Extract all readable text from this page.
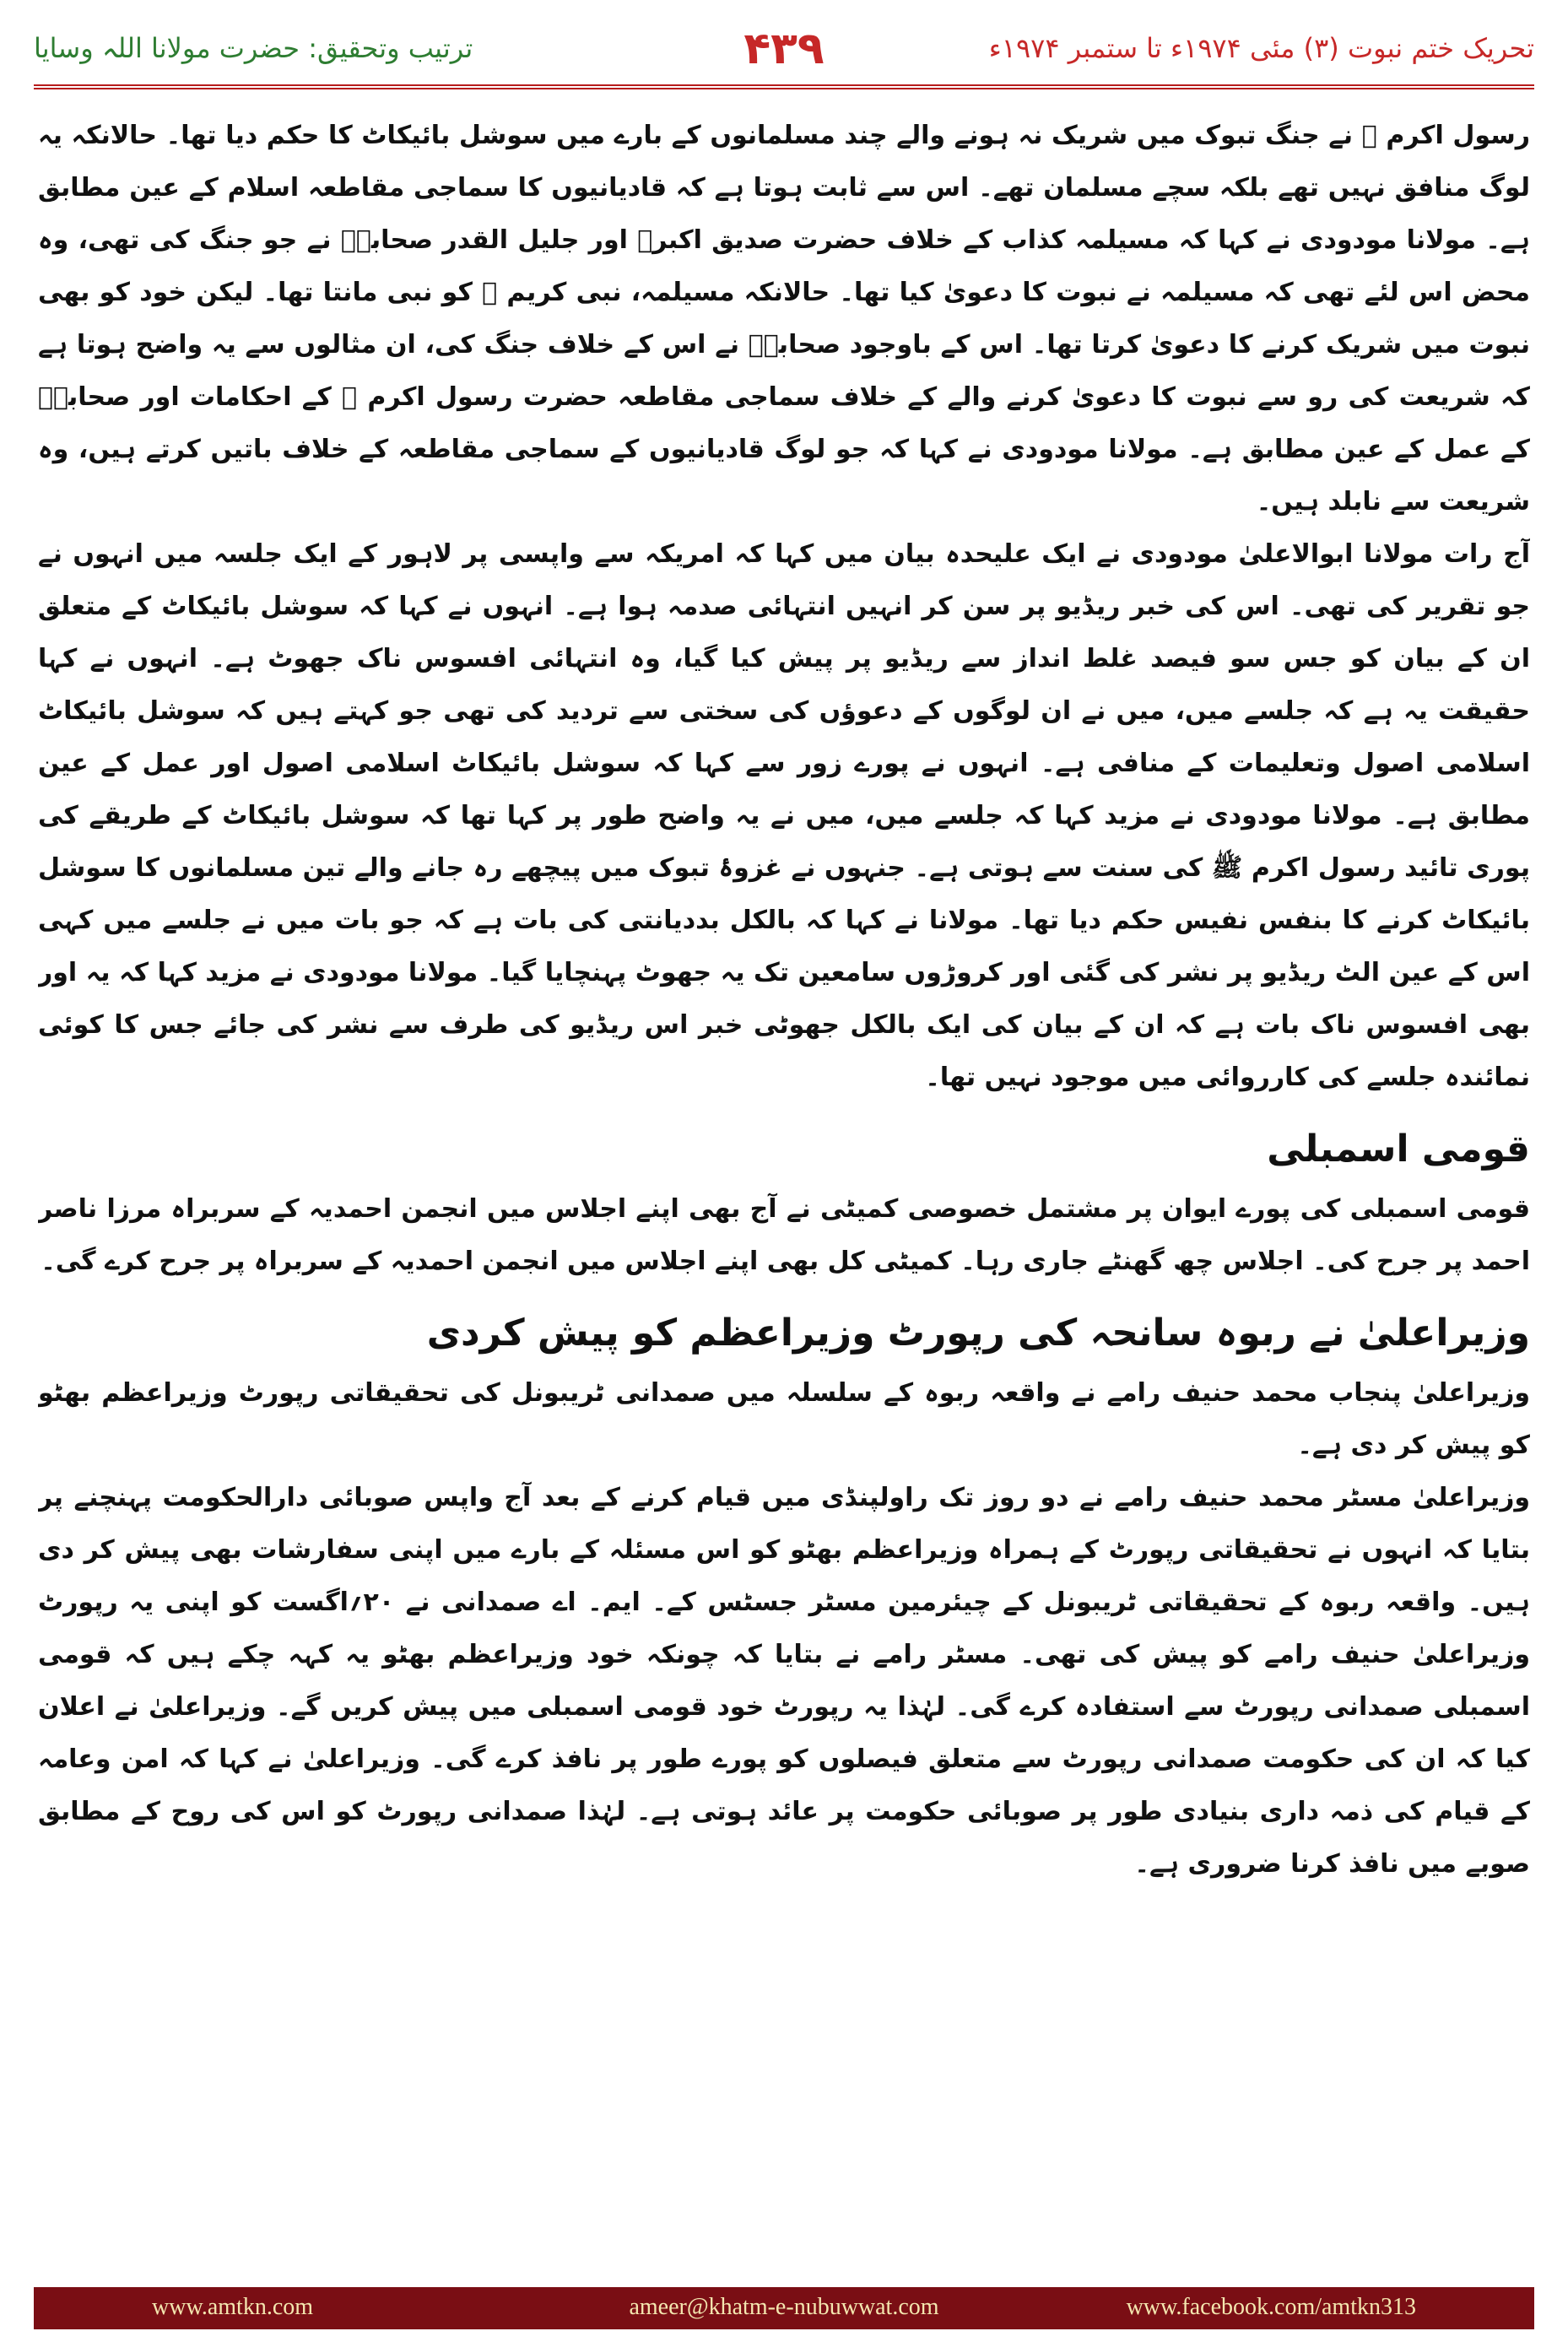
ترتیب وتحقیق: حضرت مولانا اللہ وسایا	۴۳۹	تحریک ختم نبوت (۳) مئی ۱۹۷۴ء تا ستمبر ۱۹۷۴ء

رسول اکرم ﷺ نے جنگ تبوک میں شریک نہ ہونے والے چند مسلمانوں کے بارے میں سوشل بائیکاٹ کا حکم دیا تھا۔ حالانکہ یہ لوگ منافق نہیں تھے بلکہ سچے مسلمان تھے۔ اس سے ثابت ہوتا ہے کہ قادیانیوں کا سماجی مقاطعہ اسلام کے عین مطابق ہے۔ مولانا مودودی نے کہا کہ مسیلمہ کذاب کے خلاف حضرت صدیق اکبرؓ اور جلیل القدر صحابہؓ نے جو جنگ کی تھی، وہ محض اس لئے تھی کہ مسیلمہ نے نبوت کا دعویٰ کیا تھا۔ حالانکہ مسیلمہ، نبی کریم ﷺ کو نبی مانتا تھا۔ لیکن خود کو بھی نبوت میں شریک کرنے کا دعویٰ کرتا تھا۔ اس کے باوجود صحابہؓ نے اس کے خلاف جنگ کی، ان مثالوں سے یہ واضح ہوتا ہے کہ شریعت کی رو سے نبوت کا دعویٰ کرنے والے کے خلاف سماجی مقاطعہ حضرت رسول اکرم ﷺ کے احکامات اور صحابہؓ کے عمل کے عین مطابق ہے۔ مولانا مودودی نے کہا کہ جو لوگ قادیانیوں کے سماجی مقاطعہ کے خلاف باتیں کرتے ہیں، وہ شریعت سے نابلد ہیں۔

آج رات مولانا ابوالاعلیٰ مودودی نے ایک علیحدہ بیان میں کہا کہ امریکہ سے واپسی پر لاہور کے ایک جلسہ میں انہوں نے جو تقریر کی تھی۔ اس کی خبر ریڈیو پر سن کر انہیں انتہائی صدمہ ہوا ہے۔ انہوں نے کہا کہ سوشل بائیکاٹ کے متعلق ان کے بیان کو جس سو فیصد غلط انداز سے ریڈیو پر پیش کیا گیا، وہ انتہائی افسوس ناک جھوٹ ہے۔ انہوں نے کہا حقیقت یہ ہے کہ جلسے میں، میں نے ان لوگوں کے دعوؤں کی سختی سے تردید کی تھی جو کہتے ہیں کہ سوشل بائیکاٹ اسلامی اصول وتعلیمات کے منافی ہے۔ انہوں نے پورے زور سے کہا کہ سوشل بائیکاٹ اسلامی اصول اور عمل کے عین مطابق ہے۔ مولانا مودودی نے مزید کہا کہ جلسے میں، میں نے یہ واضح طور پر کہا تھا کہ سوشل بائیکاٹ کے طریقے کی پوری تائید رسول اکرم ﷺ کی سنت سے ہوتی ہے۔ جنہوں نے غزوۂ تبوک میں پیچھے رہ جانے والے تین مسلمانوں کا سوشل بائیکاٹ کرنے کا بنفس نفیس حکم دیا تھا۔ مولانا نے کہا کہ بالکل بددیانتی کی بات ہے کہ جو بات میں نے جلسے میں کہی اس کے عین الٹ ریڈیو پر نشر کی گئی اور کروڑوں سامعین تک یہ جھوٹ پہنچایا گیا۔ مولانا مودودی نے مزید کہا کہ یہ اور بھی افسوس ناک بات ہے کہ ان کے بیان کی ایک بالکل جھوٹی خبر اس ریڈیو کی طرف سے نشر کی جائے جس کا کوئی نمائندہ جلسے کی کارروائی میں موجود نہیں تھا۔

قومی اسمبلی

قومی اسمبلی کی پورے ایوان پر مشتمل خصوصی کمیٹی نے آج بھی اپنے اجلاس میں انجمن احمدیہ کے سربراہ مرزا ناصر احمد پر جرح کی۔ اجلاس چھ گھنٹے جاری رہا۔ کمیٹی کل بھی اپنے اجلاس میں انجمن احمدیہ کے سربراہ پر جرح کرے گی۔

وزیراعلیٰ نے ربوہ سانحہ کی رپورٹ وزیراعظم کو پیش کردی

وزیراعلیٰ پنجاب محمد حنیف رامے نے واقعہ ربوہ کے سلسلہ میں صمدانی ٹریبونل کی تحقیقاتی رپورٹ وزیراعظم بھٹو کو پیش کر دی ہے۔

وزیراعلیٰ مسٹر محمد حنیف رامے نے دو روز تک راولپنڈی میں قیام کرنے کے بعد آج واپس صوبائی دارالحکومت پہنچنے پر بتایا کہ انہوں نے تحقیقاتی رپورٹ کے ہمراہ وزیراعظم بھٹو کو اس مسئلہ کے بارے میں اپنی سفارشات بھی پیش کر دی ہیں۔ واقعہ ربوہ کے تحقیقاتی ٹریبونل کے چیئرمین مسٹر جسٹس کے۔ ایم۔ اے صمدانی نے ۲۰؍اگست کو اپنی یہ رپورٹ وزیراعلیٰ حنیف رامے کو پیش کی تھی۔ مسٹر رامے نے بتایا کہ چونکہ خود وزیراعظم بھٹو یہ کہہ چکے ہیں کہ قومی اسمبلی صمدانی رپورٹ سے استفادہ کرے گی۔ لہٰذا یہ رپورٹ خود قومی اسمبلی میں پیش کریں گے۔ وزیراعلیٰ نے اعلان کیا کہ ان کی حکومت صمدانی رپورٹ سے متعلق فیصلوں کو پورے طور پر نافذ کرے گی۔ وزیراعلیٰ نے کہا کہ امن وعامہ کے قیام کی ذمہ داری بنیادی طور پر صوبائی حکومت پر عائد ہوتی ہے۔ لہٰذا صمدانی رپورٹ کو اس کی روح کے مطابق صوبے میں نافذ کرنا ضروری ہے۔

www.amtkn.com	ameer@khatm-e-nubuwwat.com	www.facebook.com/amtkn313
